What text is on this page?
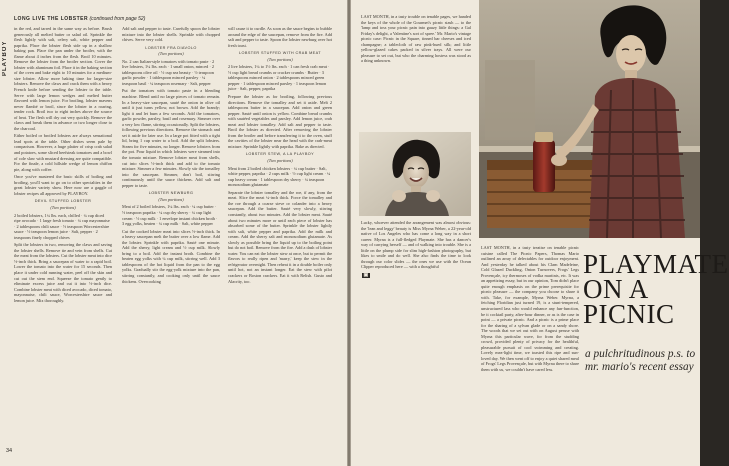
PLAYBOY
LONG LIVE THE LOBSTER (continued from page 52)

in the red, and tarred in the same way as before. Brush generously all melted butter or salad oil. Sprinkle the flesh lightly with salt, celery salt, white pepper and paprika. Place the lobster flesh side up in a shallow baking pan. Place the pan under the broiler, with the flame about 4 inches from the flesh. Broil 10 minutes. Remove the lobster from the broiler section. Cover the lobster with aluminum foil. Place it in the baking section of the oven and bake eight to 10 minutes for a medium-size lobster. Allow more baking time for larger-size lobsters. Remove the claws and crack them with a heavy French knife before sending the lobster to the table. Serve with large lemon wedges and melted butter flavored with lemon juice. For broiling, lobster mavens never flambé or broil, since the lobster in a roaring, tender rock. Broil two to eight inches above the source of heat. The flesh will dry out very quickly. Remove the claws and break them in advance or two longer close to the charcoal.

Either boiled or broiled lobsters are always sensational lead spots at the table. Other dishes seem pale by comparison. However, a huge platter of crisp crab salad and potatoes, some sliced beefsteak tomatoes and a bowl of cole slaw with mustard dressing are quite compatible. For the finale, a cold hillside wedge of lemon chiffon pie, along with coffee.

Once you've mastered the basic skills of boiling and broiling, you'll want to go on to other specialties in the great lobster variety show. Here now are a gaggle of lobster recipes all approved by PLAYBOY.

DEVIL STUFFED LOBSTER
(Two portions)

2 boiled lobsters, 1¼ lbs. each, chilled · ¼ cup diced ripe avocado · 1 large fresh tomato · ¼ cup mayonnaise · 2 tablespoons chili sauce · ½ teaspoon Worcestershire sauce · ½ teaspoon lemon juice · Salt, pepper · 2 teaspoons finely chopped chives

Split the lobsters in two, removing the claws and saving the lobster shells. Remove tie and vein from shells. Cut the meat from the lobsters. Cut the lobster meat into dice ½-inch thick. Bring a saucepan of water to a rapid boil. Lower the tomato into the water for 15 seconds. Then place it under cold running water, peel off the skin and cut out the stem end. Squeeze the tomato gently to eliminate excess juice and cut it into ½-inch dice. Combine lobster meat with diced avocado, diced tomato, mayonnaise, chili sauce, Worcestershire sauce and lemon juice. Mix thoroughly.

Add salt and pepper to taste. Carefully spoon the lobster mixture into the lobster shells. Sprinkle with chopped chives. Serve very cold.

LOBSTER FRA DIAVOLO
(Two portions)

No. 2 can Italian-style tomatoes with tomato paste · 2 live lobsters, 1¼ lbs. each · 1 small onion, minced · 2 tablespoons olive oil · ½ cup sea beauty · ½ teaspoon garlic powder · 1 tablespoon minced parsley · ¼ teaspoon basil · ¼ teaspoon rosemary · Salt, pepper

Put the tomatoes with tomato paste in a blending machine. Blend until no large pieces of tomato remain. In a heavy-size saucepan, sauté the onion in olive oil until it just turns yellow, not brown. Add the brandy; light it and let burn a few seconds. Add the tomatoes, garlic powder, parsley, basil and rosemary. Simmer over a very low flame, stirring occasionally. Split the lobsters, following previous directions. Remove the stomach and set it aside for later use. In a large pot fitted with a tight lid, bring 1 cup water to a boil. Add the split lobsters. Steam for five minutes, no longer. Remove lobsters from the pot. Pour liquid in which lobsters were steamed into the tomato mixture. Remove lobster meat from shells, cut into slices ½-inch thick and add to the tomato mixture. Simmer a few minutes. Slowly stir the tomalley into the saucepan. Simmer, don't boil, stirring continuously until the sauce thickens. Add salt and pepper to taste.

LOBSTER NEWBURG
(Two portions)

Meat of 2 boiled lobsters, 1¼ lbs. each · ¼ cup butter · ½ teaspoon paprika · ¼ cup dry sherry · ¼ cup light cream · ½ cup milk · 1 envelope instant chicken broth · 3 egg yolks, beaten · ¼ cup milk · Salt, white pepper

Cut the cooked lobster meat into slices ½-inch thick. In a heavy saucepan melt the butter over a low flame. Add the lobster. Sprinkle with paprika. Sauté one minute. Add the sherry, light cream and ½ cup milk. Slowly bring to a boil. Add the instant broth. Combine the beaten egg yolks with ¼ cup milk, stirring well. Add 3 tablespoons of the hot liquid from the pan to the egg yolks. Gradually stir the egg-yolk mixture into the pan, stirring constantly, and cooking only until the sauce thickens. Overcooking

will cause it to curdle. As soon as the sauce begins to bubble around the edge of the saucepan, remove from the fire. Add salt and pepper to taste. Spoon the lobster newburg over hot fresh toast.

LOBSTER STUFFED WITH CRAB MEAT
(Two portions)

2 live lobsters, 1¼ to 1½ lbs. each · 1 can fresh crab meat · ½ cup light bread crumbs or cracker crumbs · Butter · 3 tablespoons minced onion · 2 tablespoons minced green pepper · 1 tablespoon minced parsley · 1 teaspoon lemon juice · Salt, pepper, paprika

Prepare the lobster as for broiling, following previous directions. Remove the tomalley and set it aside. Melt 2 tablespoons butter in a saucepan. Add onion and green pepper. Sauté until onion is yellow. Combine bread crumbs with sautéed vegetables and parsley. Add lemon juice, crab meat and lobster tomalley. Add salt and pepper to taste. Broil the lobster as directed. After removing the lobster from the broiler and before transferring it to the oven, stuff the cavities of the lobster near the head with the crab-meat mixture. Sprinkle lightly with paprika. Bake as directed.

LOBSTER STEW, A LA PLAYBOY
(Two portions)

Meat from 2 boiled chicken lobsters · ¼ cup butter · Salt, white pepper, paprika · 2 cups milk · ½ cup light cream · ¼ cup heavy cream · 1 tablespoon dry sherry · ¼ teaspoon monosodium glutamate

Separate the lobster tomalley and the roe, if any, from the meat. Slice the meat ¼-inch thick. Force the tomalley and the roe through a coarse sieve or colander into a heavy saucepan. Add the butter. Sauté very slowly, stirring constantly, about two minutes. Add the lobster meat. Sauté about two minutes more or until each piece of lobster has absorbed some of the butter. Sprinkle the lobster lightly with salt, white pepper and paprika. Add the milk and cream. Add the sherry salt and monosodium glutamate. As slowly as possible bring the liquid up to the boiling point but do not boil. Remove from the fire. Add a dash of lobster water. You can eat the lobster stew at once, but to permit the flavors to really ripen and 'marry,' keep the stew in the refrigerator overnight. Then reheat it in a double boiler only until hot, not an instant longer. Eat the stew with pilot crackers or Boston crackers. Eat it with Relish. Gusto and Alacrity, too.

34

LAST MONTH, in a tasty trouble on tenable pages, we handed the keys of the whole of the Gourmet's picnic stash — to the 'lamp and toss your picnic pain into gauzy little things: a Gal Friday's delight, a Valentine's sort of spree.' Mr. Mario's vintage picnic case: Picnic in the Square, tinned bar cheeses and iced champagne; a tablecloth of raw pink-hued silk; and little yellow-glazed cakes packed in silver trays. All were our pleasure to set out, but who the charming hostess was stood as a thing unknown.

Lucky, whoever attended the arrangement was almost obvious: the 'lean and leggy' beauty is Miss Myrna Weber, a 22-year-old native of Los Angeles who has come a long way in a short career. Myrna is a full-fledged Playmate. She has a dancer's way of carrying herself — and of walking into trouble. She is a little on the plump side for slim high-fashion photography, but likes to smile and do well. She also finds the time to look through our color slides — the ones we use with the Ocean Clipper reproduced here — with a thoughtful

▣

LAST MONTH, in a tasty treatise on tenable picnic cuisine called The Picnic Papers, Thomas Mario outlined an array of delectables for outdoor enjoyment. And yesterday he talked about his Clam Madeleine, Cold Glazed Duckling, Onion Turnovers, Frogs' Legs Provençale, icy thermoses of vodka martinis, etc. It was an appetizing essay, but in our opinion, Tom didn't place quite enough emphasis on the prime prerequisite for picnic pleasure — the company you choose to share it with. Take, for example, Myrna Weber. Myrna, a fetching Floridian just turned 19, is a stunt-tempered, unstructured lass who would enhance any fun-function, be it cocktail party, after-hour dinner, or as is the case in point — a private picnic. And a picnic is a prime place for the sharing of a sylvan glade or on a sandy shore. The woods that we set out with on August peruse with Myrna this particular wave, for from the studding crowd, provided plenty of privacy for the healthful, pleasurable pursuit of cool swimming and creating. Lovely mea-light time, we toasted this ripe and sun-loved day. We then went off to enjoy a quiet shared meal of Frogs' Legs Provençale, but with Myrna there to share them with us, we couldn't have cared less.

PLAYMATE
ON A
PICNIC
a pulchritudinous p.s. to mr. mario's recent essay
